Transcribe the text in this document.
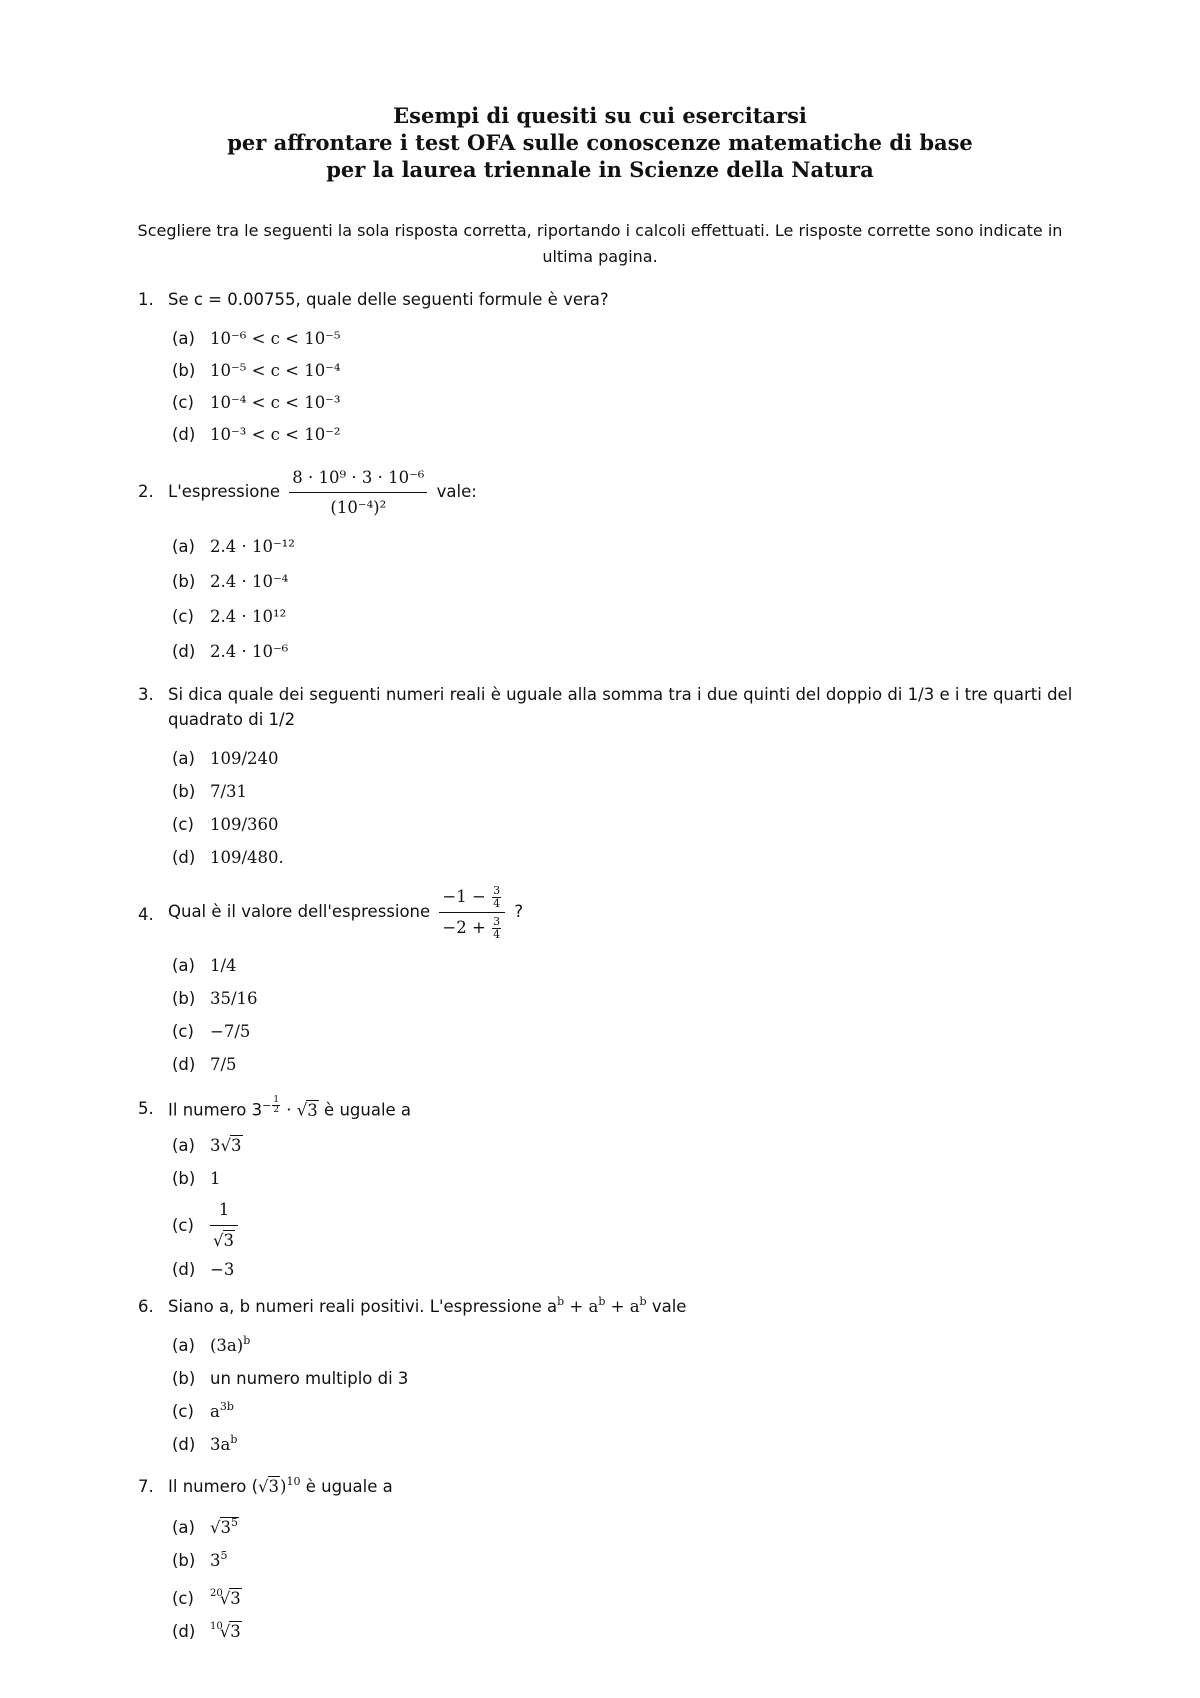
Esempi di quesiti su cui esercitarsi
per affrontare i test OFA sulle conoscenze matematiche di base
per la laurea triennale in Scienze della Natura
Scegliere tra le seguenti la sola risposta corretta, riportando i calcoli effettuati. Le risposte corrette sono indicate in ultima pagina.
1. Se c = 0.00755, quale delle seguenti formule è vera?
(a) 10⁻⁶ < c < 10⁻⁵
(b) 10⁻⁵ < c < 10⁻⁴
(c) 10⁻⁴ < c < 10⁻³
(d) 10⁻³ < c < 10⁻²
2. L'espressione $\frac{\text{8 · 10⁹ · 3 · 10⁻⁶}}{\text{(10⁻⁴)²}}$ vale:
(a) 2.4 · 10⁻¹²
(b) 2.4 · 10⁻⁴
(c) 2.4 · 10¹²
(d) 2.4 · 10⁻⁶
3. Si dica quale dei seguenti numeri reali è uguale alla somma tra i due quinti del doppio di 1/3 e i tre quarti del quadrato di 1/2
(a) 109/240
(b) 7/31
(c) 109/360
(d) 109/480.
4. Qual è il valore dell'espressione $\frac{-1 - \frac{3}{4}}{-2 + \frac{3}{4}}$ ?
(a) 1/4
(b) 35/16
(c) −7/5
(d) 7/5
5. Il numero $3^{- \frac{1}{2}} \cdot √3$ è uguale a
(a) 3√3
(b) 1
$(c) \frac{1}{√3}$
(d) −3
6. Siano a, b numeri reali positivi. L'espressione $a^b + a^b + a^b$ vale
(a) $(3a)^b$
(b) un numero multiplo di 3
(c) $a^{3b}$
(d) $3a^b$
7. Il numero $(√3)^{10}$ è uguale a
(a) $√3^5$
(b) $3^5$
(c) $^{20}$√3
(d) $^{10}$√3
